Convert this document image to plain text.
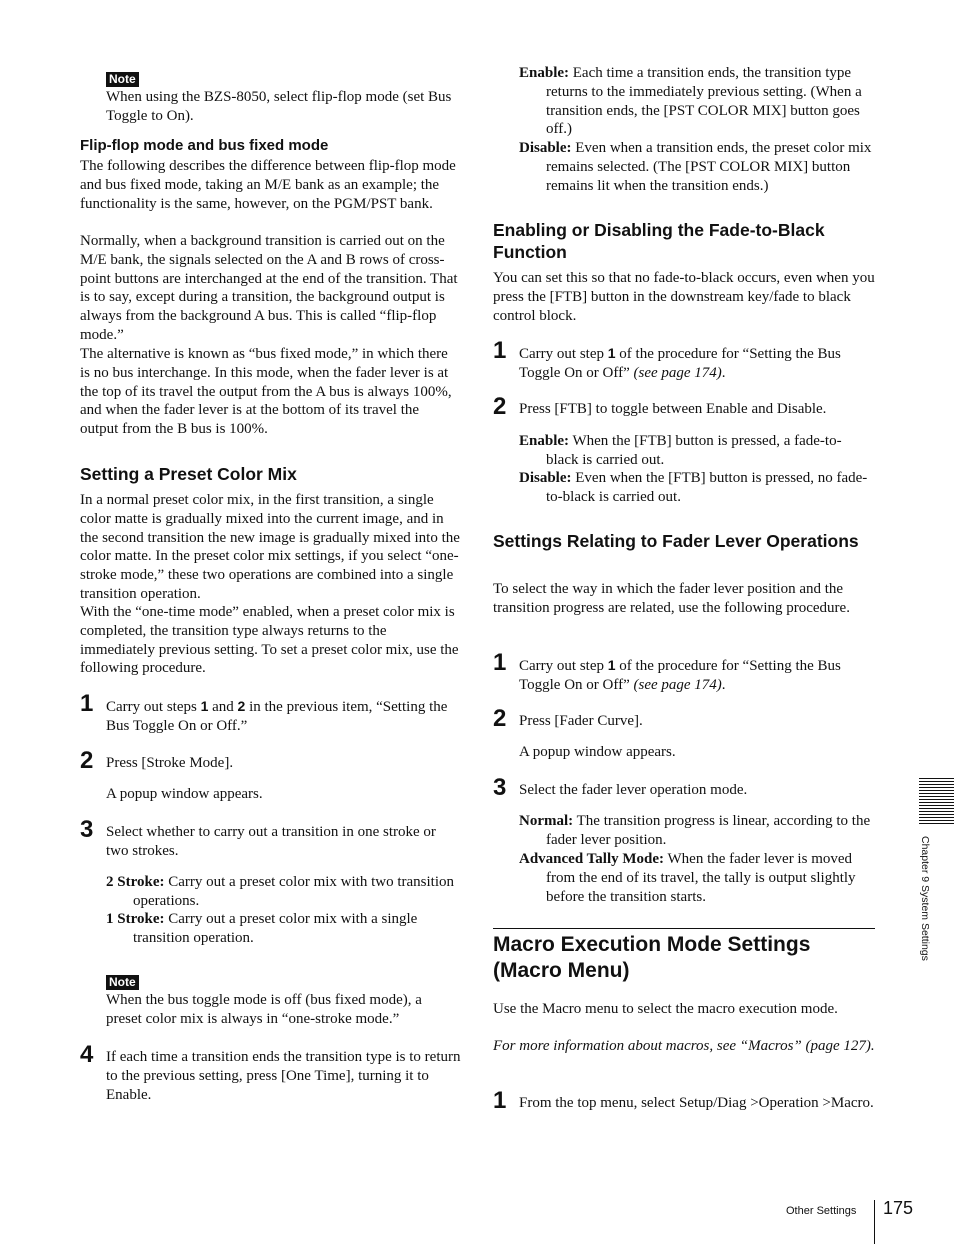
Note

When using the BZS-8050, select flip-flop mode (set Bus Toggle to On).

Flip-flop mode and bus fixed mode

The following describes the difference between flip-flop mode and bus fixed mode, taking an M/E bank as an example; the functionality is the same, however, on the PGM/PST bank.

Normally, when a background transition is carried out on the M/E bank, the signals selected on the A and B rows of cross-point buttons are interchanged at the end of the transition. That is to say, except during a transition, the background output is always from the background A bus. This is called “flip-flop mode.”

The alternative is known as “bus fixed mode,” in which there is no bus interchange. In this mode, when the fader lever is at the top of its travel the output from the A bus is always 100%, and when the fader lever is at the bottom of its travel the output from the B bus is 100%.

Setting a Preset Color Mix

In a normal preset color mix, in the first transition, a single color matte is gradually mixed into the current image, and in the second transition the new image is gradually mixed into the color matte. In the preset color mix settings, if you select “one-stroke mode,” these two operations are combined into a single transition operation.

With the “one-time mode” enabled, when a preset color mix is completed, the transition type always returns to the immediately previous setting. To set a preset color mix, use the following procedure.

1 Carry out steps 1 and 2 in the previous item, “Setting the Bus Toggle On or Off.”

2 Press [Stroke Mode].

A popup window appears.

3 Select whether to carry out a transition in one stroke or two strokes.

2 Stroke: Carry out a preset color mix with two transition operations.

1 Stroke: Carry out a preset color mix with a single transition operation.

Note

When the bus toggle mode is off (bus fixed mode), a preset color mix is always in “one-stroke mode.”

4 If each time a transition ends the transition type is to return to the previous setting, press [One Time], turning it to Enable.

Enable: Each time a transition ends, the transition type returns to the immediately previous setting. (When a transition ends, the [PST COLOR MIX] button goes off.)

Disable: Even when a transition ends, the preset color mix remains selected. (The [PST COLOR MIX] button remains lit when the transition ends.)

Enabling or Disabling the Fade-to-Black Function

You can set this so that no fade-to-black occurs, even when you press the [FTB] button in the downstream key/fade to black control block.

1 Carry out step 1 of the procedure for “Setting the Bus Toggle On or Off” (see page 174).

2 Press [FTB] to toggle between Enable and Disable.

Enable: When the [FTB] button is pressed, a fade-to-black is carried out.

Disable: Even when the [FTB] button is pressed, no fade-to-black is carried out.

Settings Relating to Fader Lever Operations

To select the way in which the fader lever position and the transition progress are related, use the following procedure.

1 Carry out step 1 of the procedure for “Setting the Bus Toggle On or Off” (see page 174).

2 Press [Fader Curve].

A popup window appears.

3 Select the fader lever operation mode.

Normal: The transition progress is linear, according to the fader lever position.

Advanced Tally Mode: When the fader lever is moved from the end of its travel, the tally is output slightly before the transition starts.

Macro Execution Mode Settings (Macro Menu)

Use the Macro menu to select the macro execution mode.

For more information about macros, see “Macros” (page 127).

1 From the top menu, select Setup/Diag >Operation >Macro.

Chapter 9 System Settings
Other Settings 175
